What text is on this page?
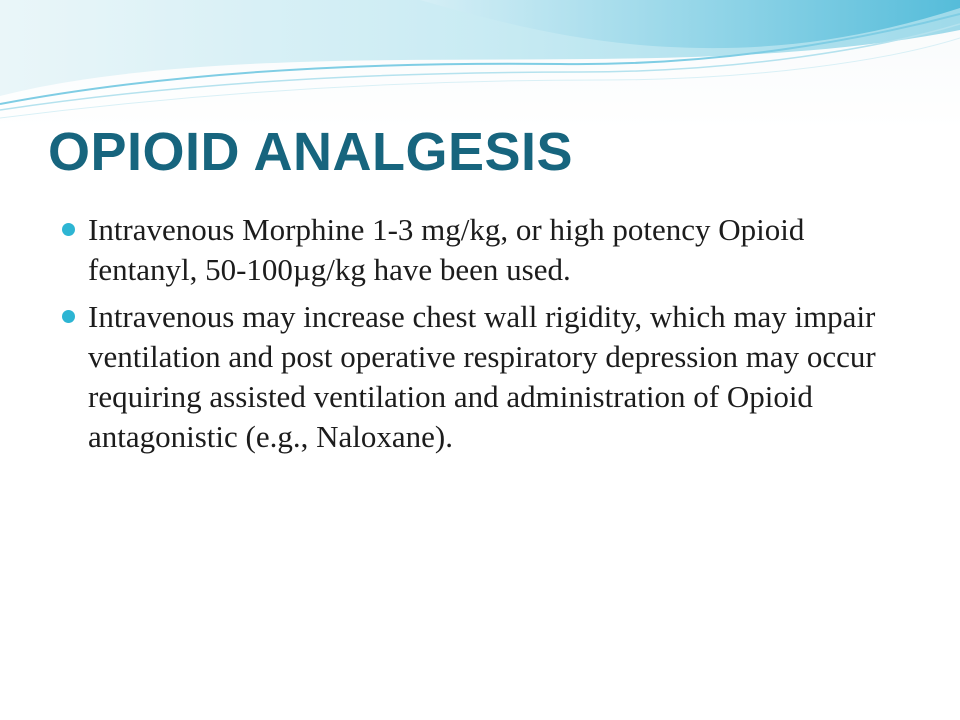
OPIOID ANALGESIS
Intravenous Morphine 1-3 mg/kg, or high potency Opioid fentanyl, 50-100µg/kg have been used.
Intravenous may increase chest wall rigidity, which may impair ventilation and post operative respiratory depression may occur requiring assisted ventilation and administration of Opioid antagonistic (e.g., Naloxane).
